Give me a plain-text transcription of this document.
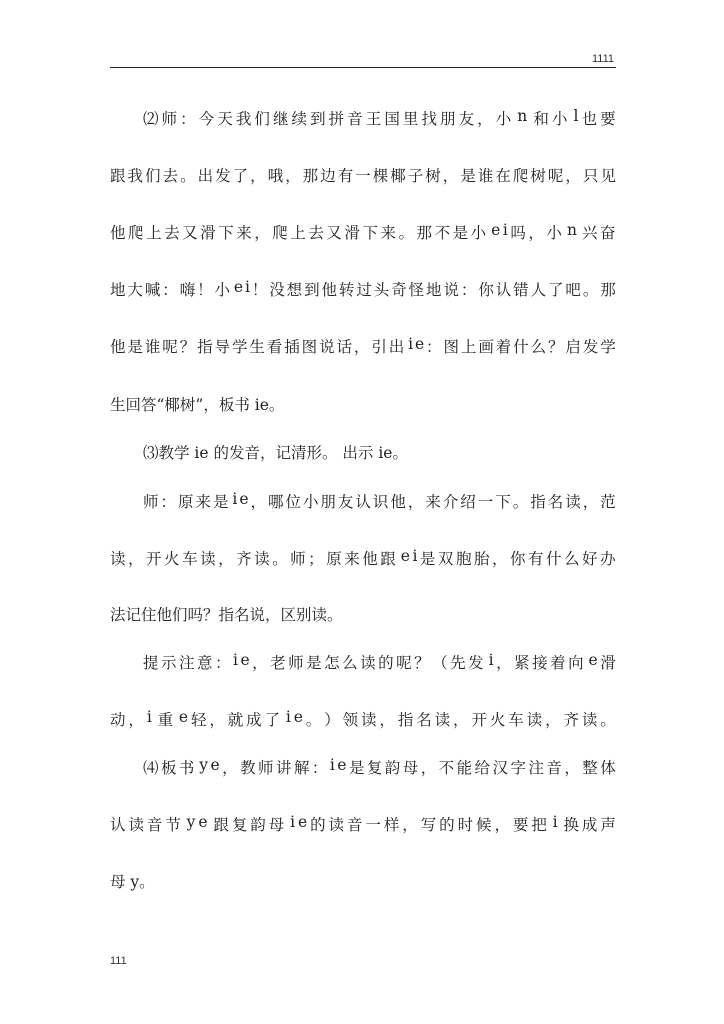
1111
⑵ 师 ： 今 天 我 们 继 续 到 拼 音 王 国 里 找 朋 友 ， 小 n 和 小 l 也 要
跟 我 们 去 。 出 发 了 ， 哦 ， 那 边 有 一 棵 椰 子 树 ， 是 谁 在 爬 树 呢 ， 只 见
他 爬 上 去 又 滑 下 来 ， 爬 上 去 又 滑 下 来 。 那 不 是 小 e i 吗 ， 小 n 兴 奋
地 大 喊 ： 嗨 ！ 小 e i ！ 没 想 到 他 转 过 头 奇 怪 地 说 ： 你 认 错 人 了 吧 。 那
他 是 谁 呢 ？ 指 导 学 生 看 插 图 说 话 ， 引 出 i e ： 图 上 画 着 什 么 ？ 启 发 学
生回答“椰树”，板书 ie。
⑶教学 ie 的发音，记清形。 出示 ie。
师 ： 原 来 是 i e ， 哪 位 小 朋 友 认 识 他 ， 来 介 绍 一 下 。 指 名 读 ， 范
读 ， 开 火 车 读 ， 齐 读 。 师 ； 原 来 他 跟 e i 是 双 胞 胎 ， 你 有 什 么 好 办
法记住他们吗？指名说，区别读。
提 示 注 意 ： i e ， 老 师 是 怎 么 读 的 呢 ？ （ 先 发 i ， 紧 接 着 向 e 滑
动 ， i 重 e 轻 ， 就 成 了 i e 。 ） 领 读 ， 指 名 读 ， 开 火 车 读 ， 齐 读 。
⑷ 板 书 y e ， 教 师 讲 解 ： i e 是 复 韵 母 ， 不 能 给 汉 字 注 音 ， 整 体
认 读 音 节 y e 跟 复 韵 母 i e 的 读 音 一 样 ， 写 的 时 候 ， 要 把 i 换 成 声
母 y。
111
